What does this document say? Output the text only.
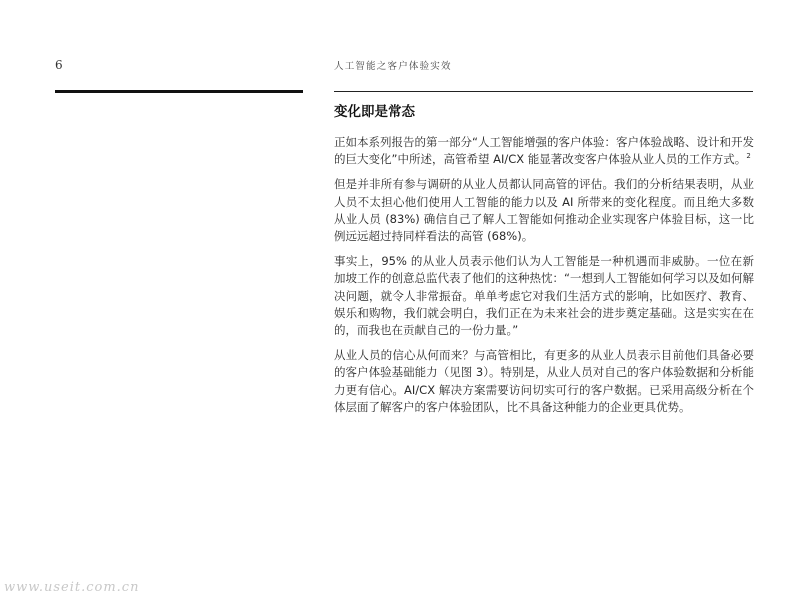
6	人工智能之客户体验实效
变化即是常态

正如本系列报告的第一部分“人工智能增强的客户体验：客户体验战略、设计和开发的巨大变化”中所述，高管希望 AI/CX 能显著改变客户体验从业人员的工作方式。$^2$

但是并非所有参与调研的从业人员都认同高管的评估。我们的分析结果表明，从业人员不太担心他们使用人工智能的能力以及 AI 所带来的变化程度。而且绝大多数从业人员 (83%) 确信自己了解人工智能如何推动企业实现客户体验目标，这一比例远远超过持同样看法的高管 (68%)。

事实上，95% 的从业人员表示他们认为人工智能是一种机遇而非威胁。一位在新加坡工作的创意总监代表了他们的这种热忱：“一想到人工智能如何学习以及如何解决问题，就令人非常振奋。单单考虑它对我们生活方式的影响，比如医疗、教育、娱乐和购物，我们就会明白，我们正在为未来社会的进步奠定基础。这是实实在在的，而我也在贡献自己的一份力量。”

从业人员的信心从何而来？与高管相比，有更多的从业人员表示目前他们具备必要的客户体验基础能力（见图 3）。特别是，从业人员对自己的客户体验数据和分析能力更有信心。AI/CX 解决方案需要访问切实可行的客户数据。已采用高级分析在个体层面了解客户的客户体验团队，比不具备这种能力的企业更具优势。

www.useit.com.cn
